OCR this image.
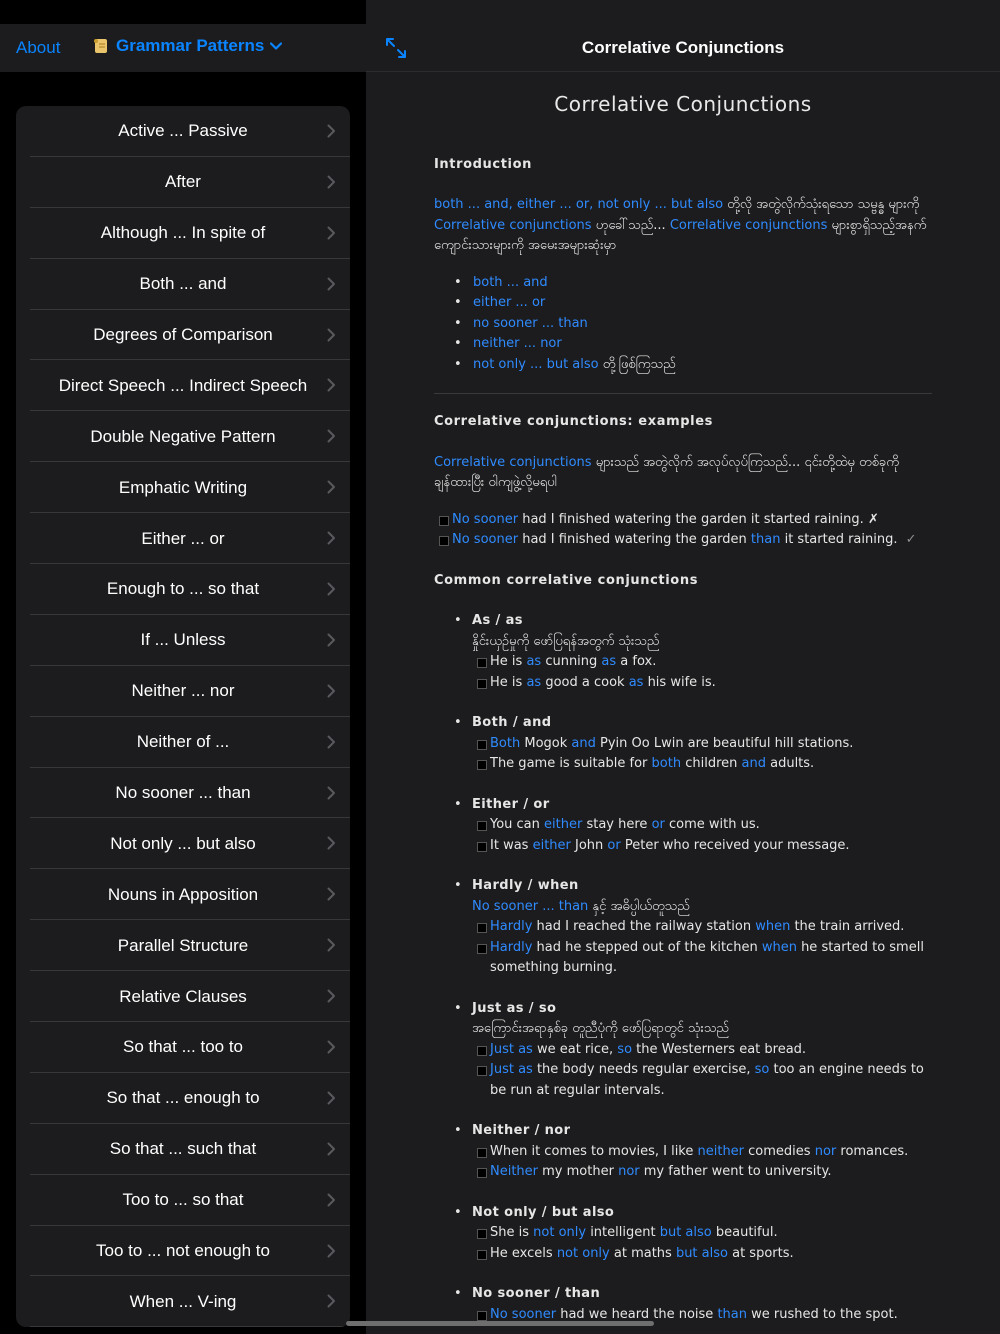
About	Grammar Patterns
Active ... Passive
After
Although ... In spite of
Both ... and
Degrees of Comparison
Direct Speech ... Indirect Speech
Double Negative Pattern
Emphatic Writing
Either ... or
Enough to ... so that
If ... Unless
Neither ... nor
Neither of ...
No sooner ... than
Not only ... but also
Nouns in Apposition
Parallel Structure
Relative Clauses
So that ... too to
So that ... enough to
So that ... such that
Too to ... so that
Too to ... not enough to
When ... V-ing
Correlative Conjunctions
Correlative Conjunctions
Introduction

both ... and, either ... or, not only ... but also တို့လို အတွဲလိုက်သုံးရသော သမ္ဗန္ဓ များကို
Correlative conjunctions ဟုခေါ်သည်... Correlative conjunctions များစွာရှိသည့်အနက်
ကျောင်းသားများကို အမေးအများဆုံးမှာ

• both ... and
• either ... or
• no sooner ... than
• neither ... nor
• not only ... but also တို့ဖြစ်ကြသည်
Correlative conjunctions: examples

Correlative conjunctions များသည် အတွဲလိုက် အလုပ်လုပ်ကြသည်... ၎င်းတို့ထဲမှ တစ်ခုကို
ချန်ထားပြီး ဝါကျဖွဲ့လို့မရပါ

No sooner had I finished watering the garden it started raining. ✗
No sooner had I finished watering the garden than it started raining. ✓
Common correlative conjunctions
• As / as
နှိုင်းယှဉ်မှုကို ဖော်ပြရန်အတွက် သုံးသည်
He is as cunning as a fox.
He is as good a cook as his wife is.
• Both / and
Both Mogok and Pyin Oo Lwin are beautiful hill stations.
The game is suitable for both children and adults.
• Either / or
You can either stay here or come with us.
It was either John or Peter who received your message.
• Hardly / when
No sooner ... than နှင့် အဓိပ္ပါယ်တူသည်
Hardly had I reached the railway station when the train arrived.
Hardly had he stepped out of the kitchen when he started to smell something burning.
• Just as / so
အကြောင်းအရာနှစ်ခု တူညီပုံကို ဖော်ပြရာတွင် သုံးသည်
Just as we eat rice, so the Westerners eat bread.
Just as the body needs regular exercise, so too an engine needs to be run at regular intervals.
• Neither / nor
When it comes to movies, I like neither comedies nor romances.
Neither my mother nor my father went to university.
• Not only / but also
She is not only intelligent but also beautiful.
He excels not only at maths but also at sports.
• No sooner / than
No sooner had we heard the noise than we rushed to the spot.
